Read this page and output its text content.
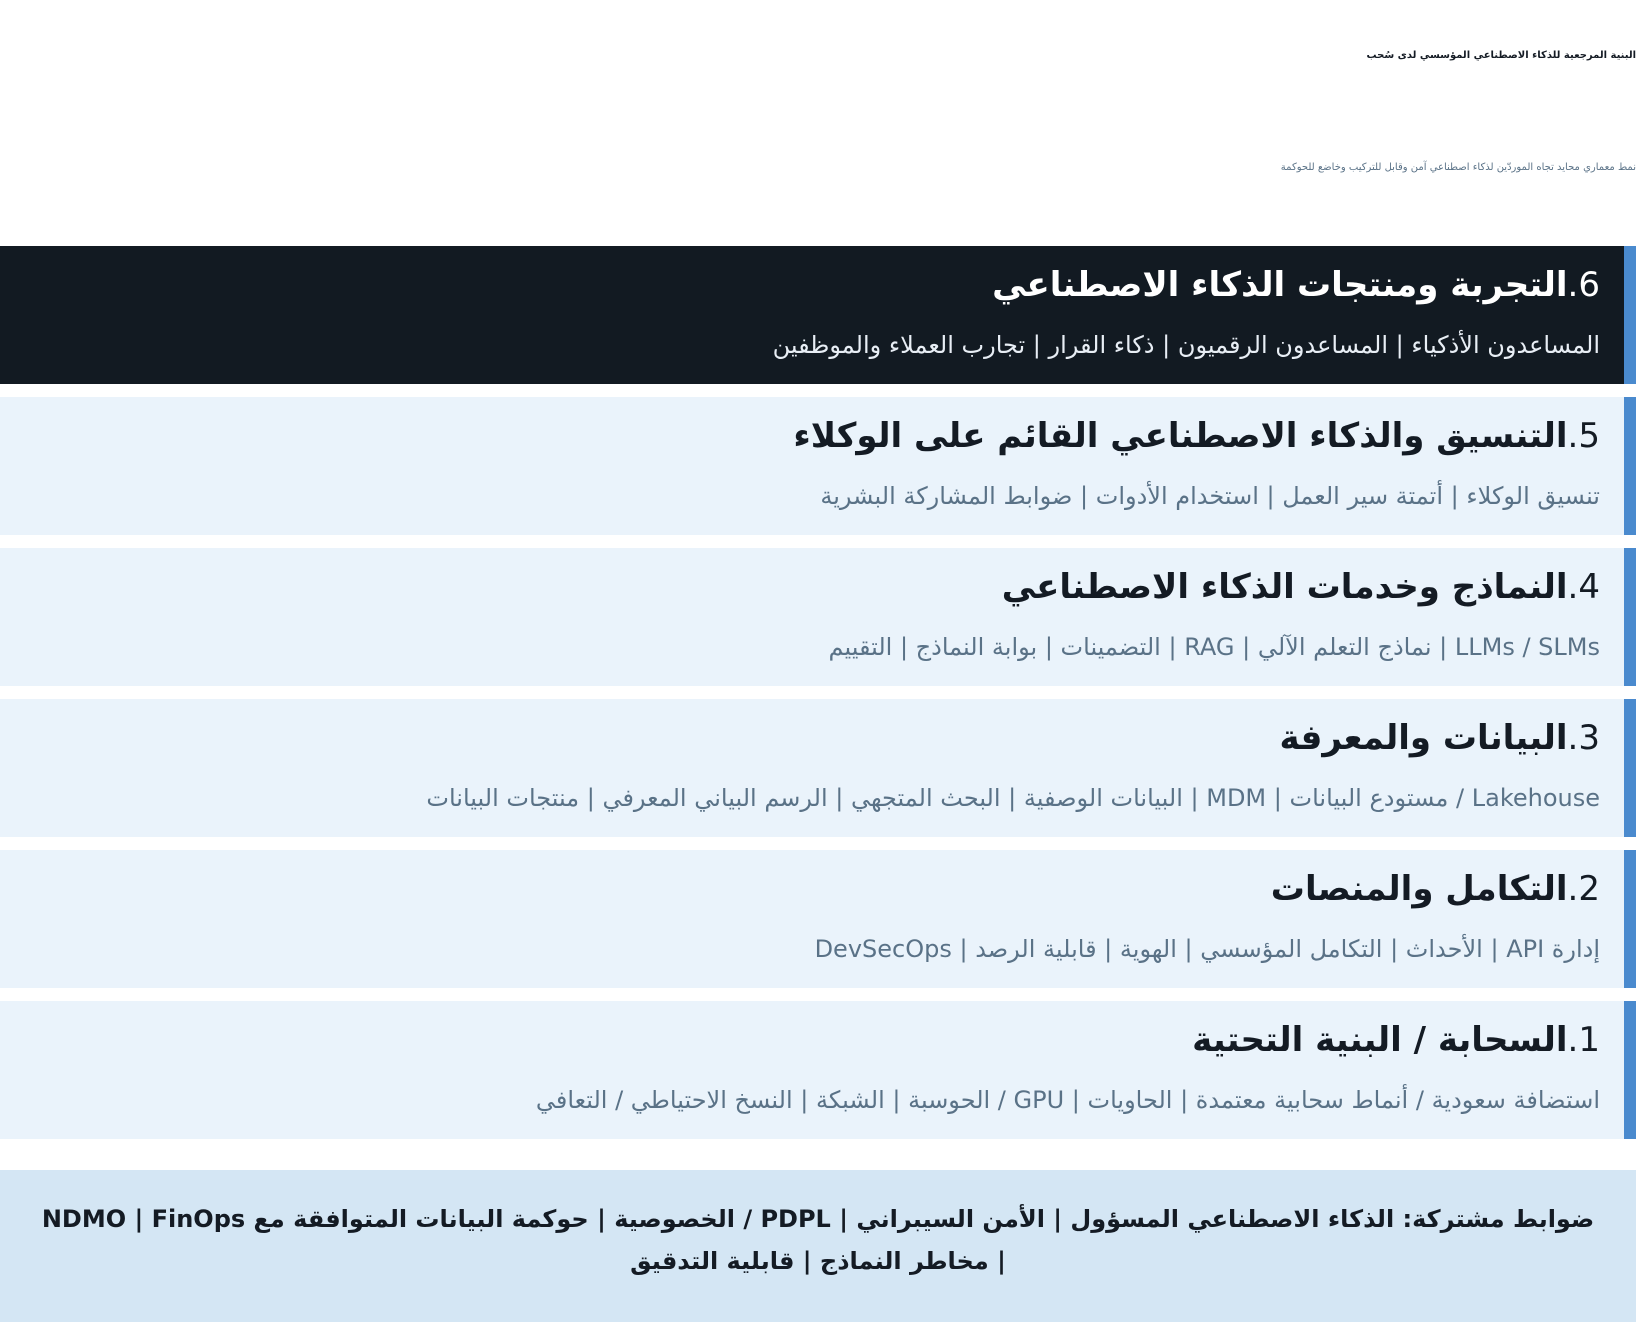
البنية المرجعية للذكاء الاصطناعي المؤسسي لدى سُحب

نمط معماري محايد تجاه الموردّين لذكاء اصطناعي آمن وقابل للتركيب وخاضع للحوكمة

6.التجربة ومنتجات الذكاء الاصطناعي

المساعدون الأذكياء | المساعدون الرقميون | ذكاء القرار | تجارب العملاء والموظفين

5.التنسيق والذكاء الاصطناعي القائم على الوكلاء

تنسيق الوكلاء | أتمتة سير العمل | استخدام الأدوات | ضوابط المشاركة البشرية

4.النماذج وخدمات الذكاء الاصطناعي

LLMs / SLMs | نماذج التعلم الآلي | RAG | التضمينات | بوابة النماذج | التقييم

3.البيانات والمعرفة

Lakehouse / مستودع البيانات | MDM | البيانات الوصفية | البحث المتجهي | الرسم البياني المعرفي | منتجات البيانات

2.التكامل والمنصات

إدارة API | الأحداث | التكامل المؤسسي | الهوية | قابلية الرصد | DevSecOps

1.السحابة / البنية التحتية

استضافة سعودية / أنماط سحابية معتمدة | الحاويات | GPU / الحوسبة | الشبكة | النسخ الاحتياطي / التعافي

ضوابط مشتركة: الذكاء الاصطناعي المسؤول | الأمن السيبراني | PDPL / الخصوصية | حوكمة البيانات المتوافقة مع NDMO | FinOps | مخاطر النماذج | قابلية التدقيق
